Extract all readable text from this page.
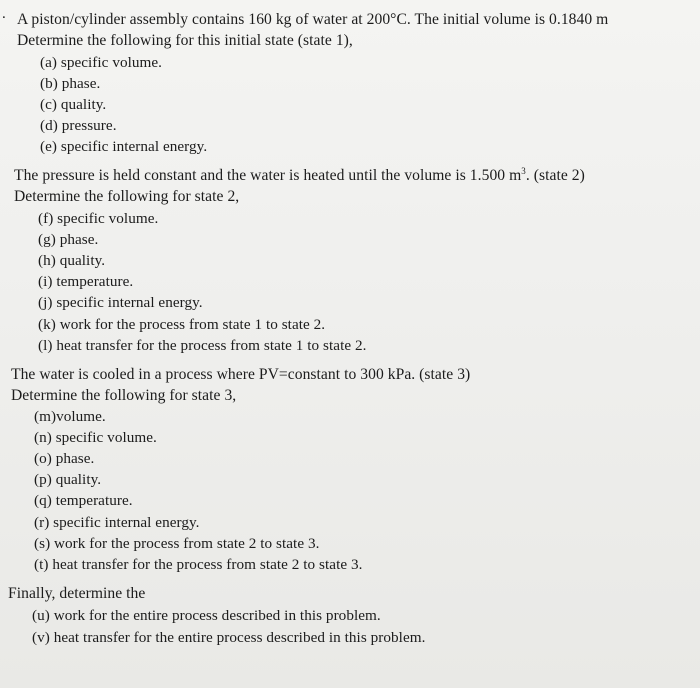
. A piston/cylinder assembly contains 160 kg of water at 200°C. The initial volume is 0.1840 m
Determine the following for this initial state (state 1),
(a) specific volume.
(b) phase.
(c) quality.
(d) pressure.
(e) specific internal energy.
The pressure is held constant and the water is heated until the volume is 1.500 $m^3$. (state 2)
Determine the following for state 2,
(f) specific volume.
(g) phase.
(h) quality.
(i) temperature.
(j) specific internal energy.
(k) work for the process from state 1 to state 2.
(l) heat transfer for the process from state 1 to state 2.
The water is cooled in a process where PV=constant to 300 kPa. (state 3)
Determine the following for state 3,
(m)volume.
(n) specific volume.
(o) phase.
(p) quality.
(q) temperature.
(r) specific internal energy.
(s) work for the process from state 2 to state 3.
(t) heat transfer for the process from state 2 to state 3.
Finally, determine the
(u) work for the entire process described in this problem.
(v) heat transfer for the entire process described in this problem.
